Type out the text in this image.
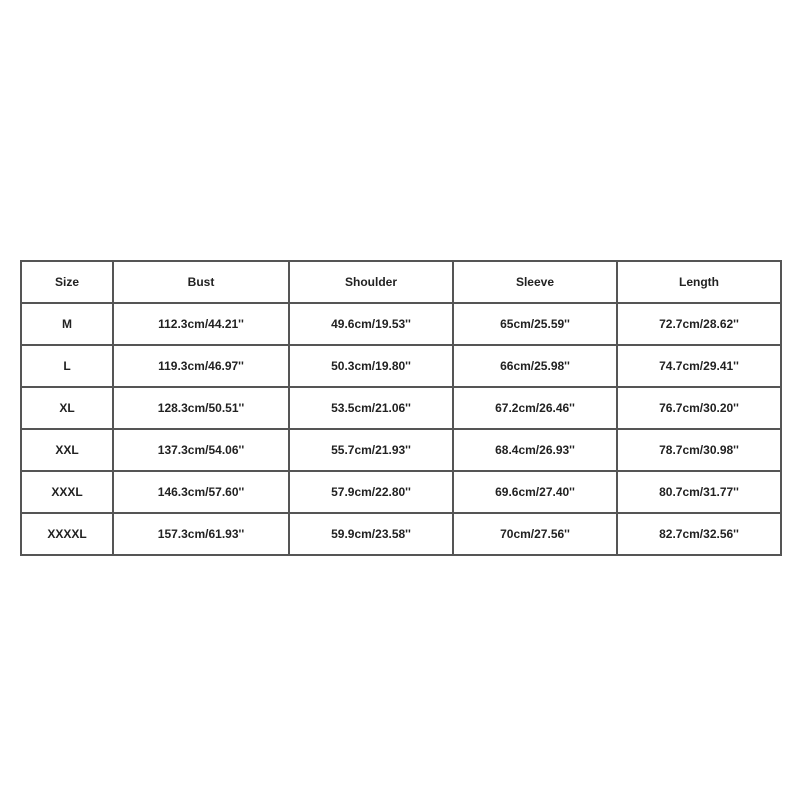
Size	Bust	Shoulder	Sleeve	Length
M	112.3cm/44.21''	49.6cm/19.53''	65cm/25.59''	72.7cm/28.62''
L	119.3cm/46.97''	50.3cm/19.80''	66cm/25.98''	74.7cm/29.41''
XL	128.3cm/50.51''	53.5cm/21.06''	67.2cm/26.46''	76.7cm/30.20''
XXL	137.3cm/54.06''	55.7cm/21.93''	68.4cm/26.93''	78.7cm/30.98''
XXXL	146.3cm/57.60''	57.9cm/22.80''	69.6cm/27.40''	80.7cm/31.77''
XXXXL	157.3cm/61.93''	59.9cm/23.58''	70cm/27.56''	82.7cm/32.56''
